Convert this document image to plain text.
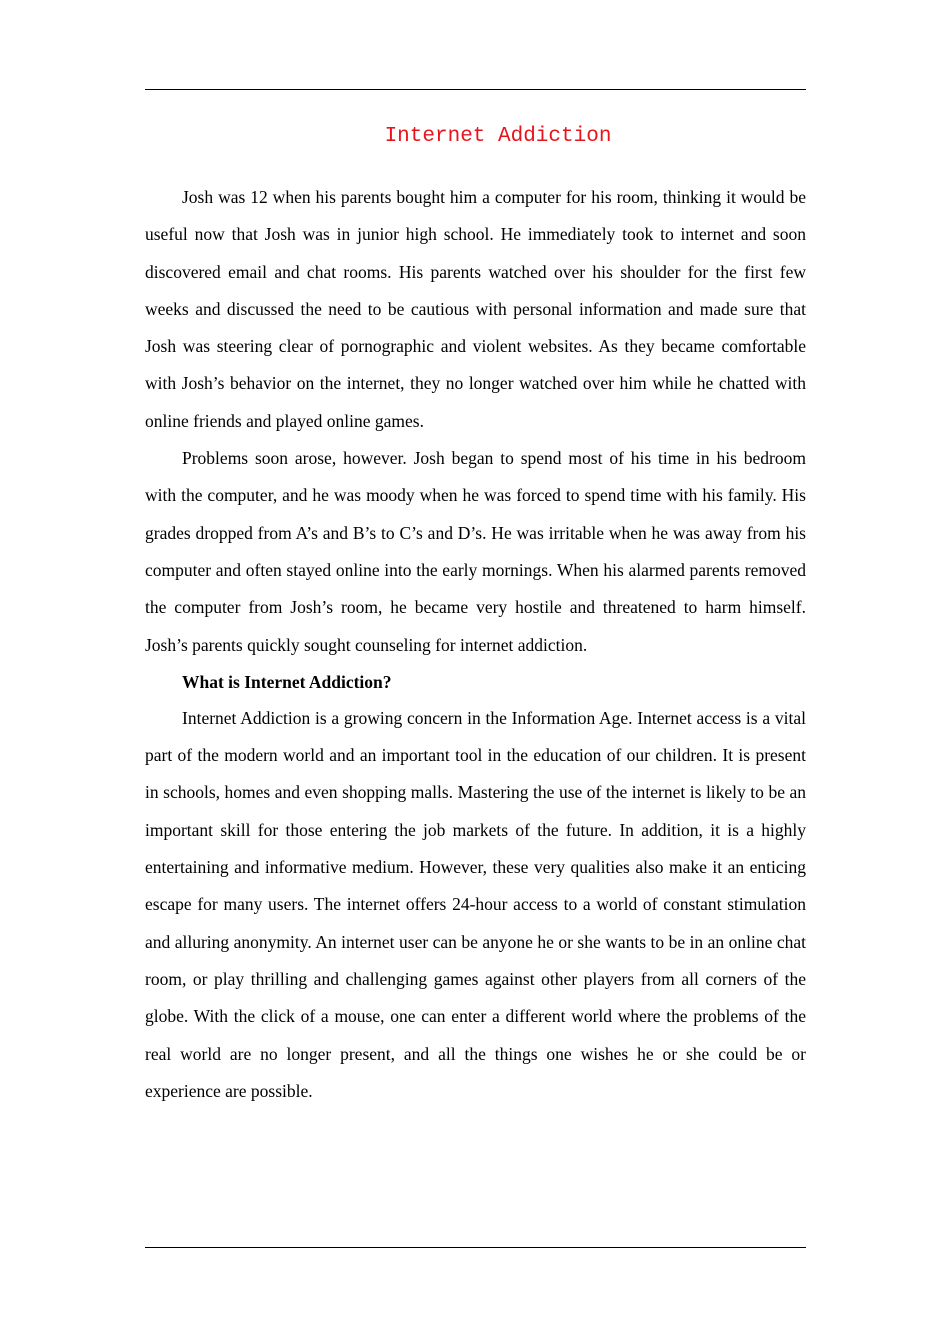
Internet Addiction

Josh was 12 when his parents bought him a computer for his room, thinking it would be useful now that Josh was in junior high school. He immediately took to internet and soon discovered email and chat rooms. His parents watched over his shoulder for the first few weeks and discussed the need to be cautious with personal information and made sure that Josh was steering clear of pornographic and violent websites. As they became comfortable with Josh’s behavior on the internet, they no longer watched over him while he chatted with online friends and played online games.

Problems soon arose, however. Josh began to spend most of his time in his bedroom with the computer, and he was moody when he was forced to spend time with his family. His grades dropped from A’s and B’s to C’s and D’s. He was irritable when he was away from his computer and often stayed online into the early mornings. When his alarmed parents removed the computer from Josh’s room, he became very hostile and threatened to harm himself. Josh’s parents quickly sought counseling for internet addiction.

What is Internet Addiction?

Internet Addiction is a growing concern in the Information Age. Internet access is a vital part of the modern world and an important tool in the education of our children. It is present in schools, homes and even shopping malls. Mastering the use of the internet is likely to be an important skill for those entering the job markets of the future. In addition, it is a highly entertaining and informative medium. However, these very qualities also make it an enticing escape for many users. The internet offers 24-hour access to a world of constant stimulation and alluring anonymity. An internet user can be anyone he or she wants to be in an online chat room, or play thrilling and challenging games against other players from all corners of the globe. With the click of a mouse, one can enter a different world where the problems of the real world are no longer present, and all the things one wishes he or she could be or experience are possible.
